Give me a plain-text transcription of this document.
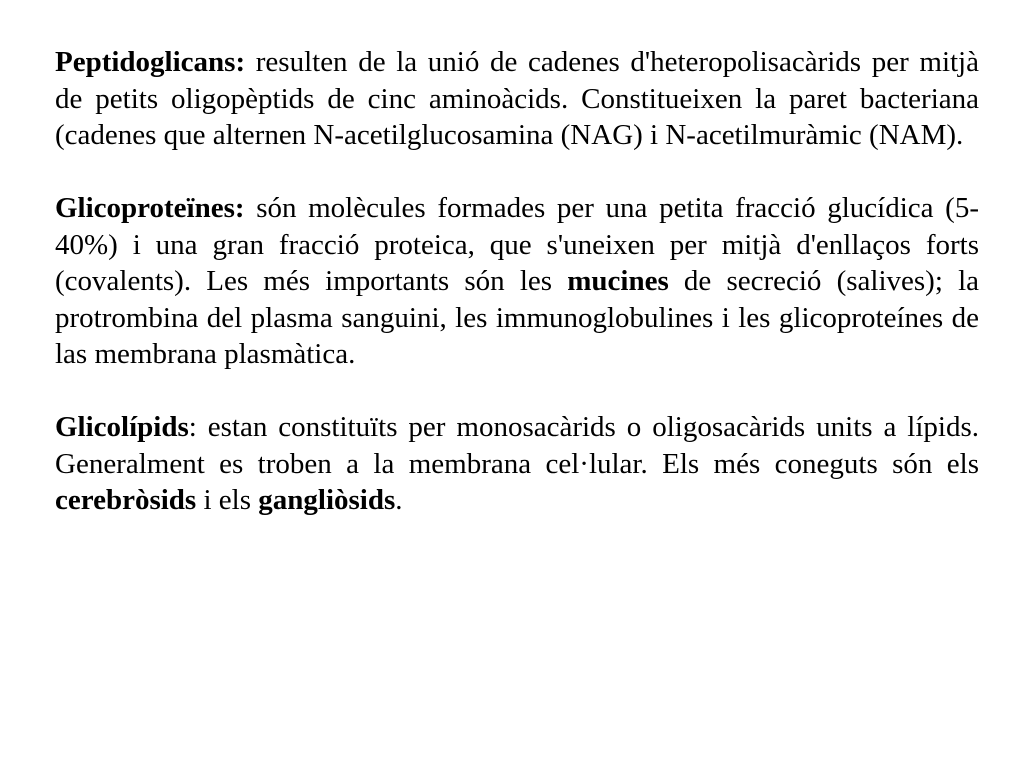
Peptidoglicans: resulten de la unió de cadenes d'heteropolisacàrids per mitjà de petits oligopèptids de cinc aminoàcids. Constitueixen la paret bacteriana (cadenes que alternen N-acetilglucosamina (NAG) i N-acetilmuràmic (NAM).

Glicoproteïnes: són molècules formades per una petita fracció glucídica (5-40%) i una gran fracció proteica, que s'uneixen per mitjà d'enllaços forts (covalents). Les més importants són les mucines de secreció (salives); la protrombina del plasma sanguini, les immunoglobulines i les glicoproteínes de las membrana plasmàtica.

Glicolípids: estan constituïts per monosacàrids o oligosacàrids units a lípids. Generalment es troben a la membrana cel·lular. Els més coneguts són els cerebròsids i els gangliòsids.
